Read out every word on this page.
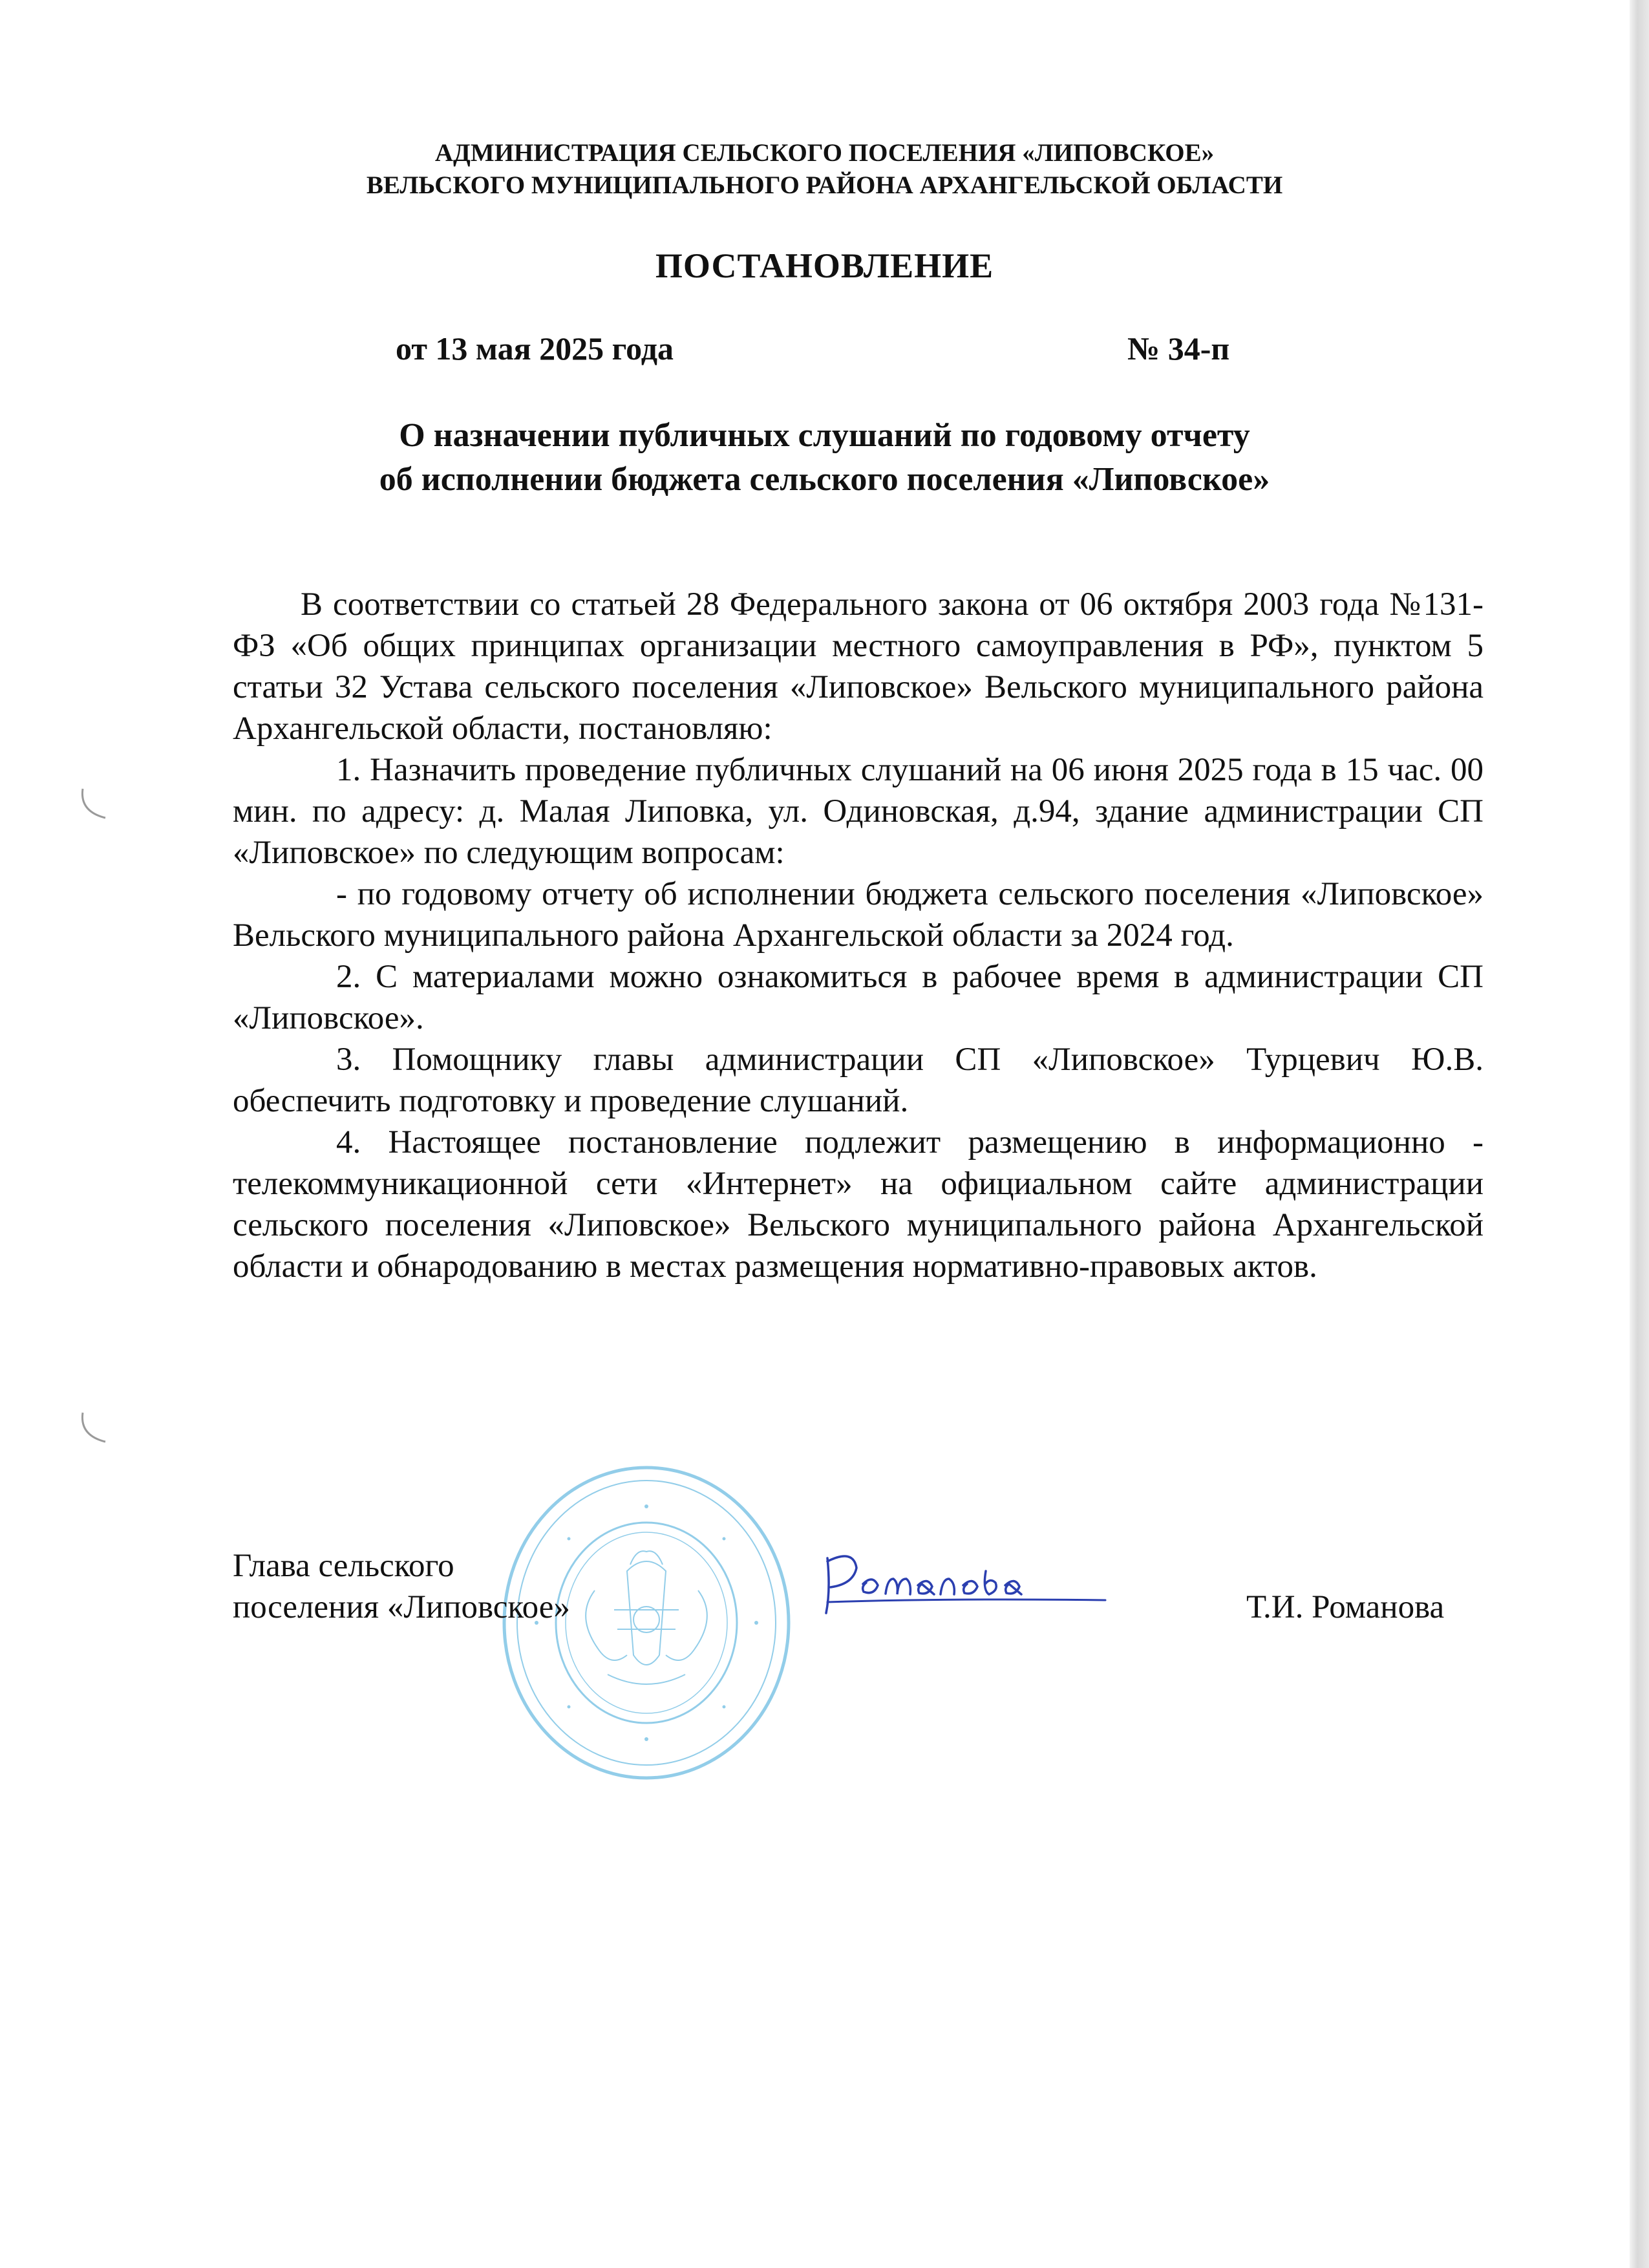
АДМИНИСТРАЦИЯ СЕЛЬСКОГО ПОСЕЛЕНИЯ «ЛИПОВСКОЕ»
ВЕЛЬСКОГО МУНИЦИПАЛЬНОГО РАЙОНА АРХАНГЕЛЬСКОЙ ОБЛАСТИ
ПОСТАНОВЛЕНИЕ
от 13 мая 2025 года	№ 34-п
О назначении публичных слушаний по годовому отчету
об исполнении бюджета сельского поселения «Липовское»

В соответствии со статьей 28 Федерального закона от 06 октября 2003 года №131- ФЗ «Об общих принципах организации местного самоуправления в РФ», пунктом 5 статьи 32 Устава сельского поселения «Липовское» Вельского муниципального района Архангельской области, постановляю:

1. Назначить проведение публичных слушаний на 06 июня 2025 года в 15 час. 00 мин. по адресу: д. Малая Липовка, ул. Одиновская, д.94, здание администрации СП «Липовское» по следующим вопросам:

- по годовому отчету об исполнении бюджета сельского поселения «Липовское» Вельского муниципального района Архангельской области за 2024 год.

2. С материалами можно ознакомиться в рабочее время в администрации СП «Липовское».

3. Помощнику главы администрации СП «Липовское» Турцевич Ю.В. обеспечить подготовку и проведение слушаний.

4. Настоящее постановление подлежит размещению в информационно - телекоммуникационной сети «Интернет» на официальном сайте администрации сельского поселения «Липовское» Вельского муниципального района Архангельской области и обнародованию в местах размещения нормативно-правовых актов.

Глава сельского
поселения «Липовское»	Т.И. Романова
